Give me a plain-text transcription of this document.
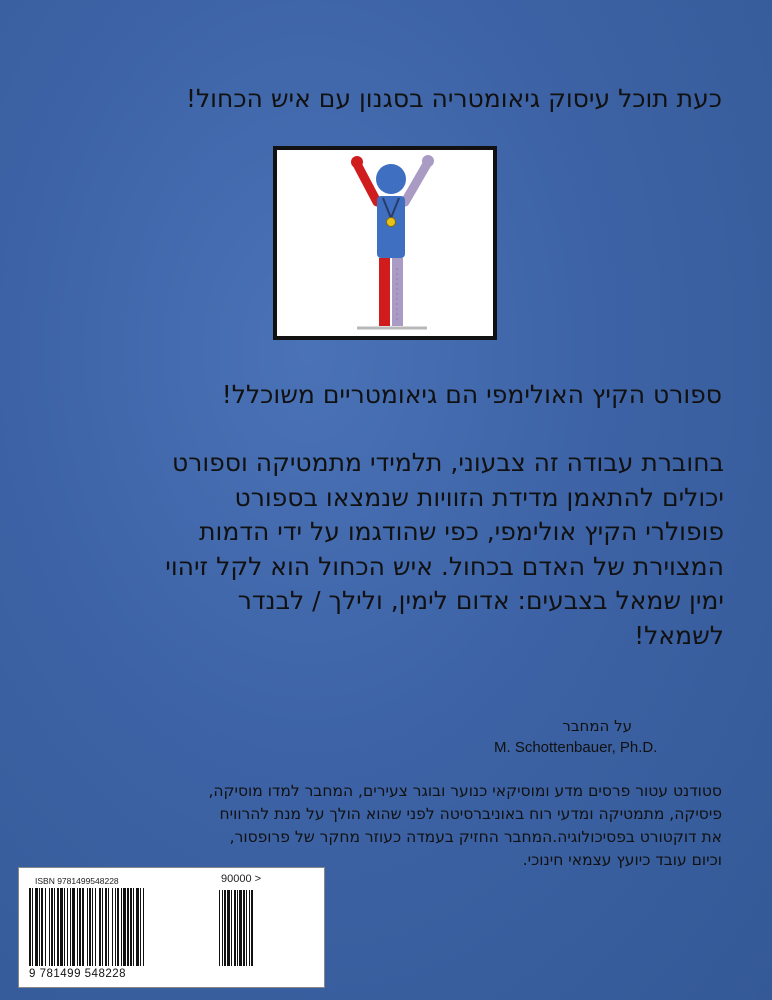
כעת תוכל עיסוק גיאומטריה בסגנון עם איש הכחול!
ספורט הקיץ האולימפי הם גיאומטריים משוכלל!
בחוברת עבודה זה צבעוני, תלמידי מתמטיקה וספורט
יכולים להתאמן מדידת הזוויות שנמצאו בספורט
פופולרי הקיץ אולימפי, כפי שהודגמו על ידי הדמות
המצוירת של האדם בכחול. איש הכחול הוא לקל זיהוי
ימין שמאל בצבעים: אדום לימין, ולילך / לבנדר
לשמאל!
על המחבר
M. Schottenbauer, Ph.D.
סטודנט עטור פרסים מדע ומוסיקאי כנוער ובוגר צעירים, המחבר למדו מוסיקה,
פיסיקה, מתמטיקה ומדעי רוח באוניברסיטה לפני שהוא הולך על מנת להרוויח
את דוקטורט בפסיכולוגיה.המחבר החזיק בעמדה כעוזר מחקר של פרופסור,
וכיום עובד כיועץ עצמאי חינוכי.
ISBN 9781499548228	90000 >
9 781499 548228
